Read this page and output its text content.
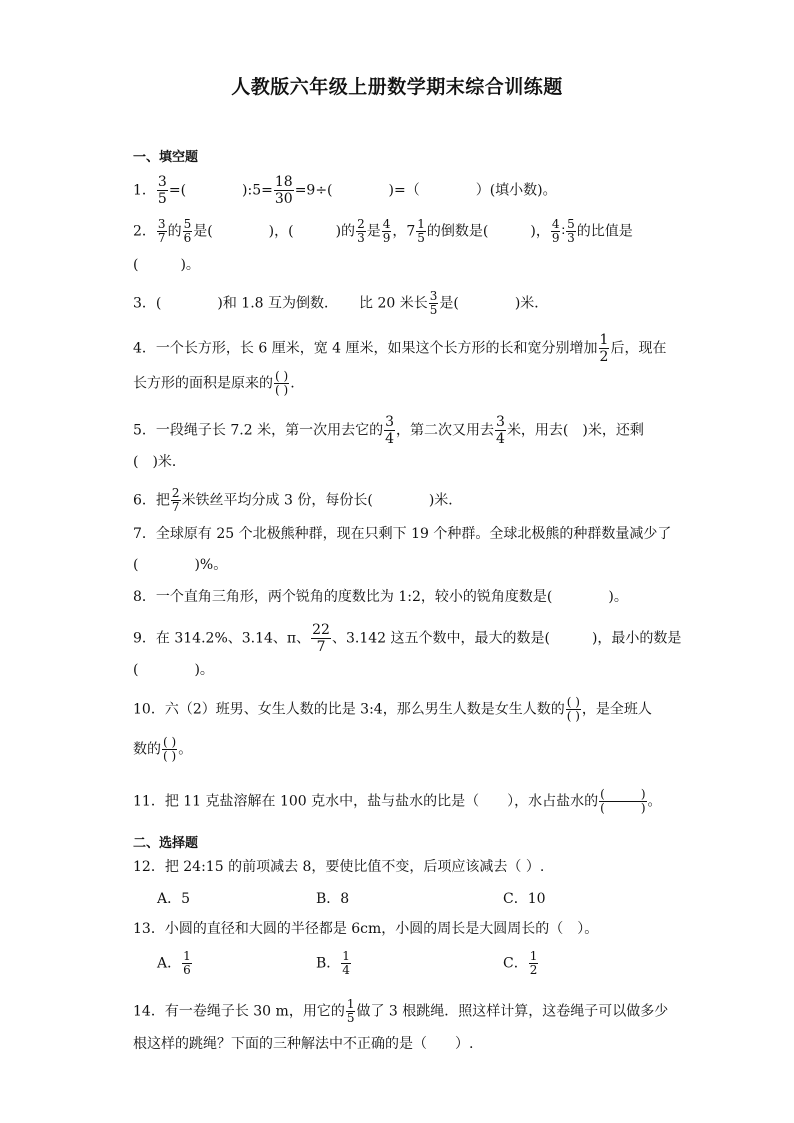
人教版六年级上册数学期末综合训练题
一、填空题
1． $\frac{3}{5}$ =(　　　　):5= $\frac{18}{30} =9\div$(　　　　)=（　　　　）(填小数)。
2． $\frac{3}{7}$ 的 $\frac{5}{6}$ 是(　　　　)，(　　　)的 $\frac{2}{3}$ 是 $\frac{4}{9}$ ，$7 \frac{1}{5}$ 的倒数是(　　　)， $\frac{4}{9}$ ∶ $\frac{5}{3}$ 的比值是
(　　　)。
3．(　　　　)和 1.8 互为倒数．　　比 20 米长 $\frac{3}{5}$ 是(　　　　)米．
4．一个长方形，长 6 厘米，宽 4 厘米，如果这个长方形的长和宽分别增加 $\frac{1}{2}$ 后，现在
长方形的面积是原来的 $\frac{( )}{( )}$ .
5．一段绳子长 7.2 米，第一次用去它的 $\frac{3}{4}$ ，第二次又用去 $\frac{3}{4}$ 米，用去(　)米，还剩
(　)米．
6．把 $\frac{2}{7}$ 米铁丝平均分成 3 份，每份长(　　　　)米．
7．全球原有 25 个北极熊种群，现在只剩下 19 个种群。全球北极熊的种群数量减少了
(　　　　)%。
8．一个直角三角形，两个锐角的度数比为 1:2，较小的锐角度数是(　　　　)。
9．在 314.2%、3.14、π、 $\frac{22}{7}$ 、3.142 这五个数中，最大的数是(　　　)，最小的数是
(　　　　)。
10．六（2）班男、女生人数的比是 3:4，那么男生人数是女生人数的 $\frac{( )}{( )}$ ，是全班人
数的 $\frac{( )}{( )}$ 。
11．把 11 克盐溶解在 100 克水中，盐与盐水的比是（　　），水占盐水的 $\frac{( )}{( )}$ 。
二、选择题
12．把 24:15 的前项减去 8，要使比值不变，后项应该减去（ ）.
A．5	B．8	C．10
13．小圆的直径和大圆的半径都是 6cm，小圆的周长是大圆周长的（　）。
A． $\frac{1}{6}$	B． $\frac{1}{4}$	C． $\frac{1}{2}$
14．有一卷绳子长 30 m，用它的 $\frac{1}{5}$ 做了 3 根跳绳．照这样计算，这卷绳子可以做多少
根这样的跳绳？下面的三种解法中不正确的是（　　）.
